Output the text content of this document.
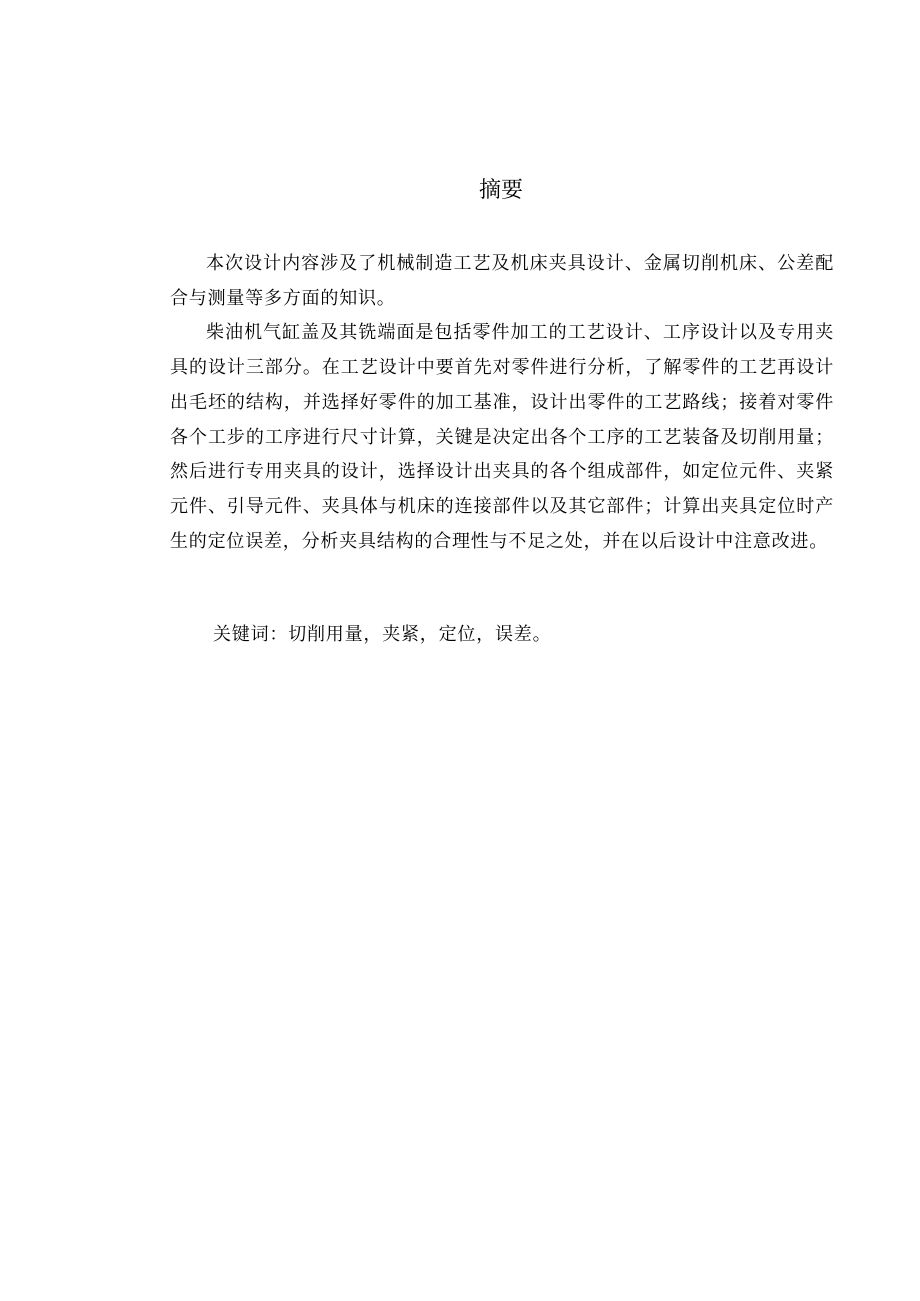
摘要

本次设计内容涉及了机械制造工艺及机床夹具设计、金属切削机床、公差配合与测量等多方面的知识。

柴油机气缸盖及其铣端面是包括零件加工的工艺设计、工序设计以及专用夹具的设计三部分。在工艺设计中要首先对零件进行分析，了解零件的工艺再设计出毛坯的结构，并选择好零件的加工基准，设计出零件的工艺路线；接着对零件各个工步的工序进行尺寸计算，关键是决定出各个工序的工艺装备及切削用量；然后进行专用夹具的设计，选择设计出夹具的各个组成部件，如定位元件、夹紧元件、引导元件、夹具体与机床的连接部件以及其它部件；计算出夹具定位时产生的定位误差，分析夹具结构的合理性与不足之处，并在以后设计中注意改进。

关键词：切削用量，夹紧，定位，误差。
